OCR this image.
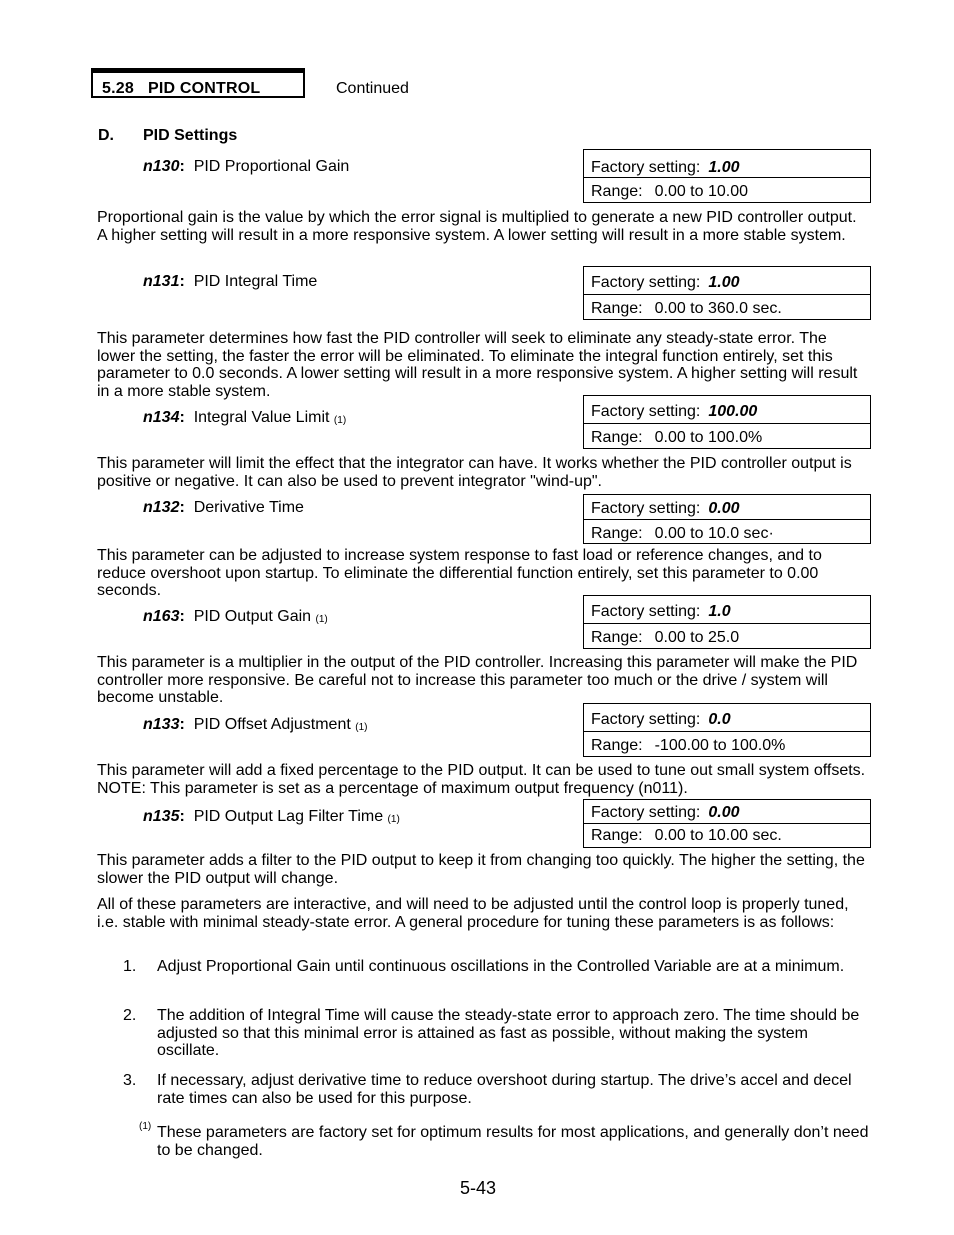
5.28 PID CONTROL	Continued
D. PID Settings
n130: PID Proportional Gain	Factory setting: 1.00
Range: 0.00 to 10.00
Proportional gain is the value by which the error signal is multiplied to generate a new PID controller output. A higher setting will result in a more responsive system. A lower setting will result in a more stable system.
n131: PID Integral Time	Factory setting: 1.00
Range: 0.00 to 360.0 sec.
This parameter determines how fast the PID controller will seek to eliminate any steady-state error. The lower the setting, the faster the error will be eliminated. To eliminate the integral function entirely, set this parameter to 0.0 seconds. A lower setting will result in a more responsive system. A higher setting will result in a more stable system.
n134: Integral Value Limit $_{(1)}$
Factory setting: 100.00
Range: 0.00 to 100.0%
This parameter will limit the effect that the integrator can have. It works whether the PID controller output is positive or negative. It can also be used to prevent integrator "wind-up".
n132: Derivative Time	Factory setting: 0.00
Range: 0.00 to 10.0 sec·
This parameter can be adjusted to increase system response to fast load or reference changes, and to reduce overshoot upon startup. To eliminate the differential function entirely, set this parameter to 0.00 seconds.
n163: PID Output Gain $_{(1)}$	Factory setting: 1.0
Range: 0.00 to 25.0
This parameter is a multiplier in the output of the PID controller. Increasing this parameter will make the PID controller more responsive. Be careful not to increase this parameter too much or the drive / system will become unstable.
n133: PID Offset Adjustment $_{(1)}$	Factory setting: 0.0
Range: -100.00 to 100.0%
This parameter will add a fixed percentage to the PID output. It can be used to tune out small system offsets. NOTE: This parameter is set as a percentage of maximum output frequency (n011).
n135: PID Output Lag Filter Time $_{(1)}$	Factory setting: 0.00
Range: 0.00 to 10.00 sec.
This parameter adds a filter to the PID output to keep it from changing too quickly. The higher the setting, the slower the PID output will change.
All of these parameters are interactive, and will need to be adjusted until the control loop is properly tuned, i.e. stable with minimal steady-state error. A general procedure for tuning these parameters is as follows:
1. Adjust Proportional Gain until continuous oscillations in the Controlled Variable are at a minimum.
2. The addition of Integral Time will cause the steady-state error to approach zero. The time should be adjusted so that this minimal error is attained as fast as possible, without making the system oscillate.
3. If necessary, adjust derivative time to reduce overshoot during startup. The drive’s accel and decel rate times can also be used for this purpose.
(1) These parameters are factory set for optimum results for most applications, and generally don’t need to be changed.
5-43
